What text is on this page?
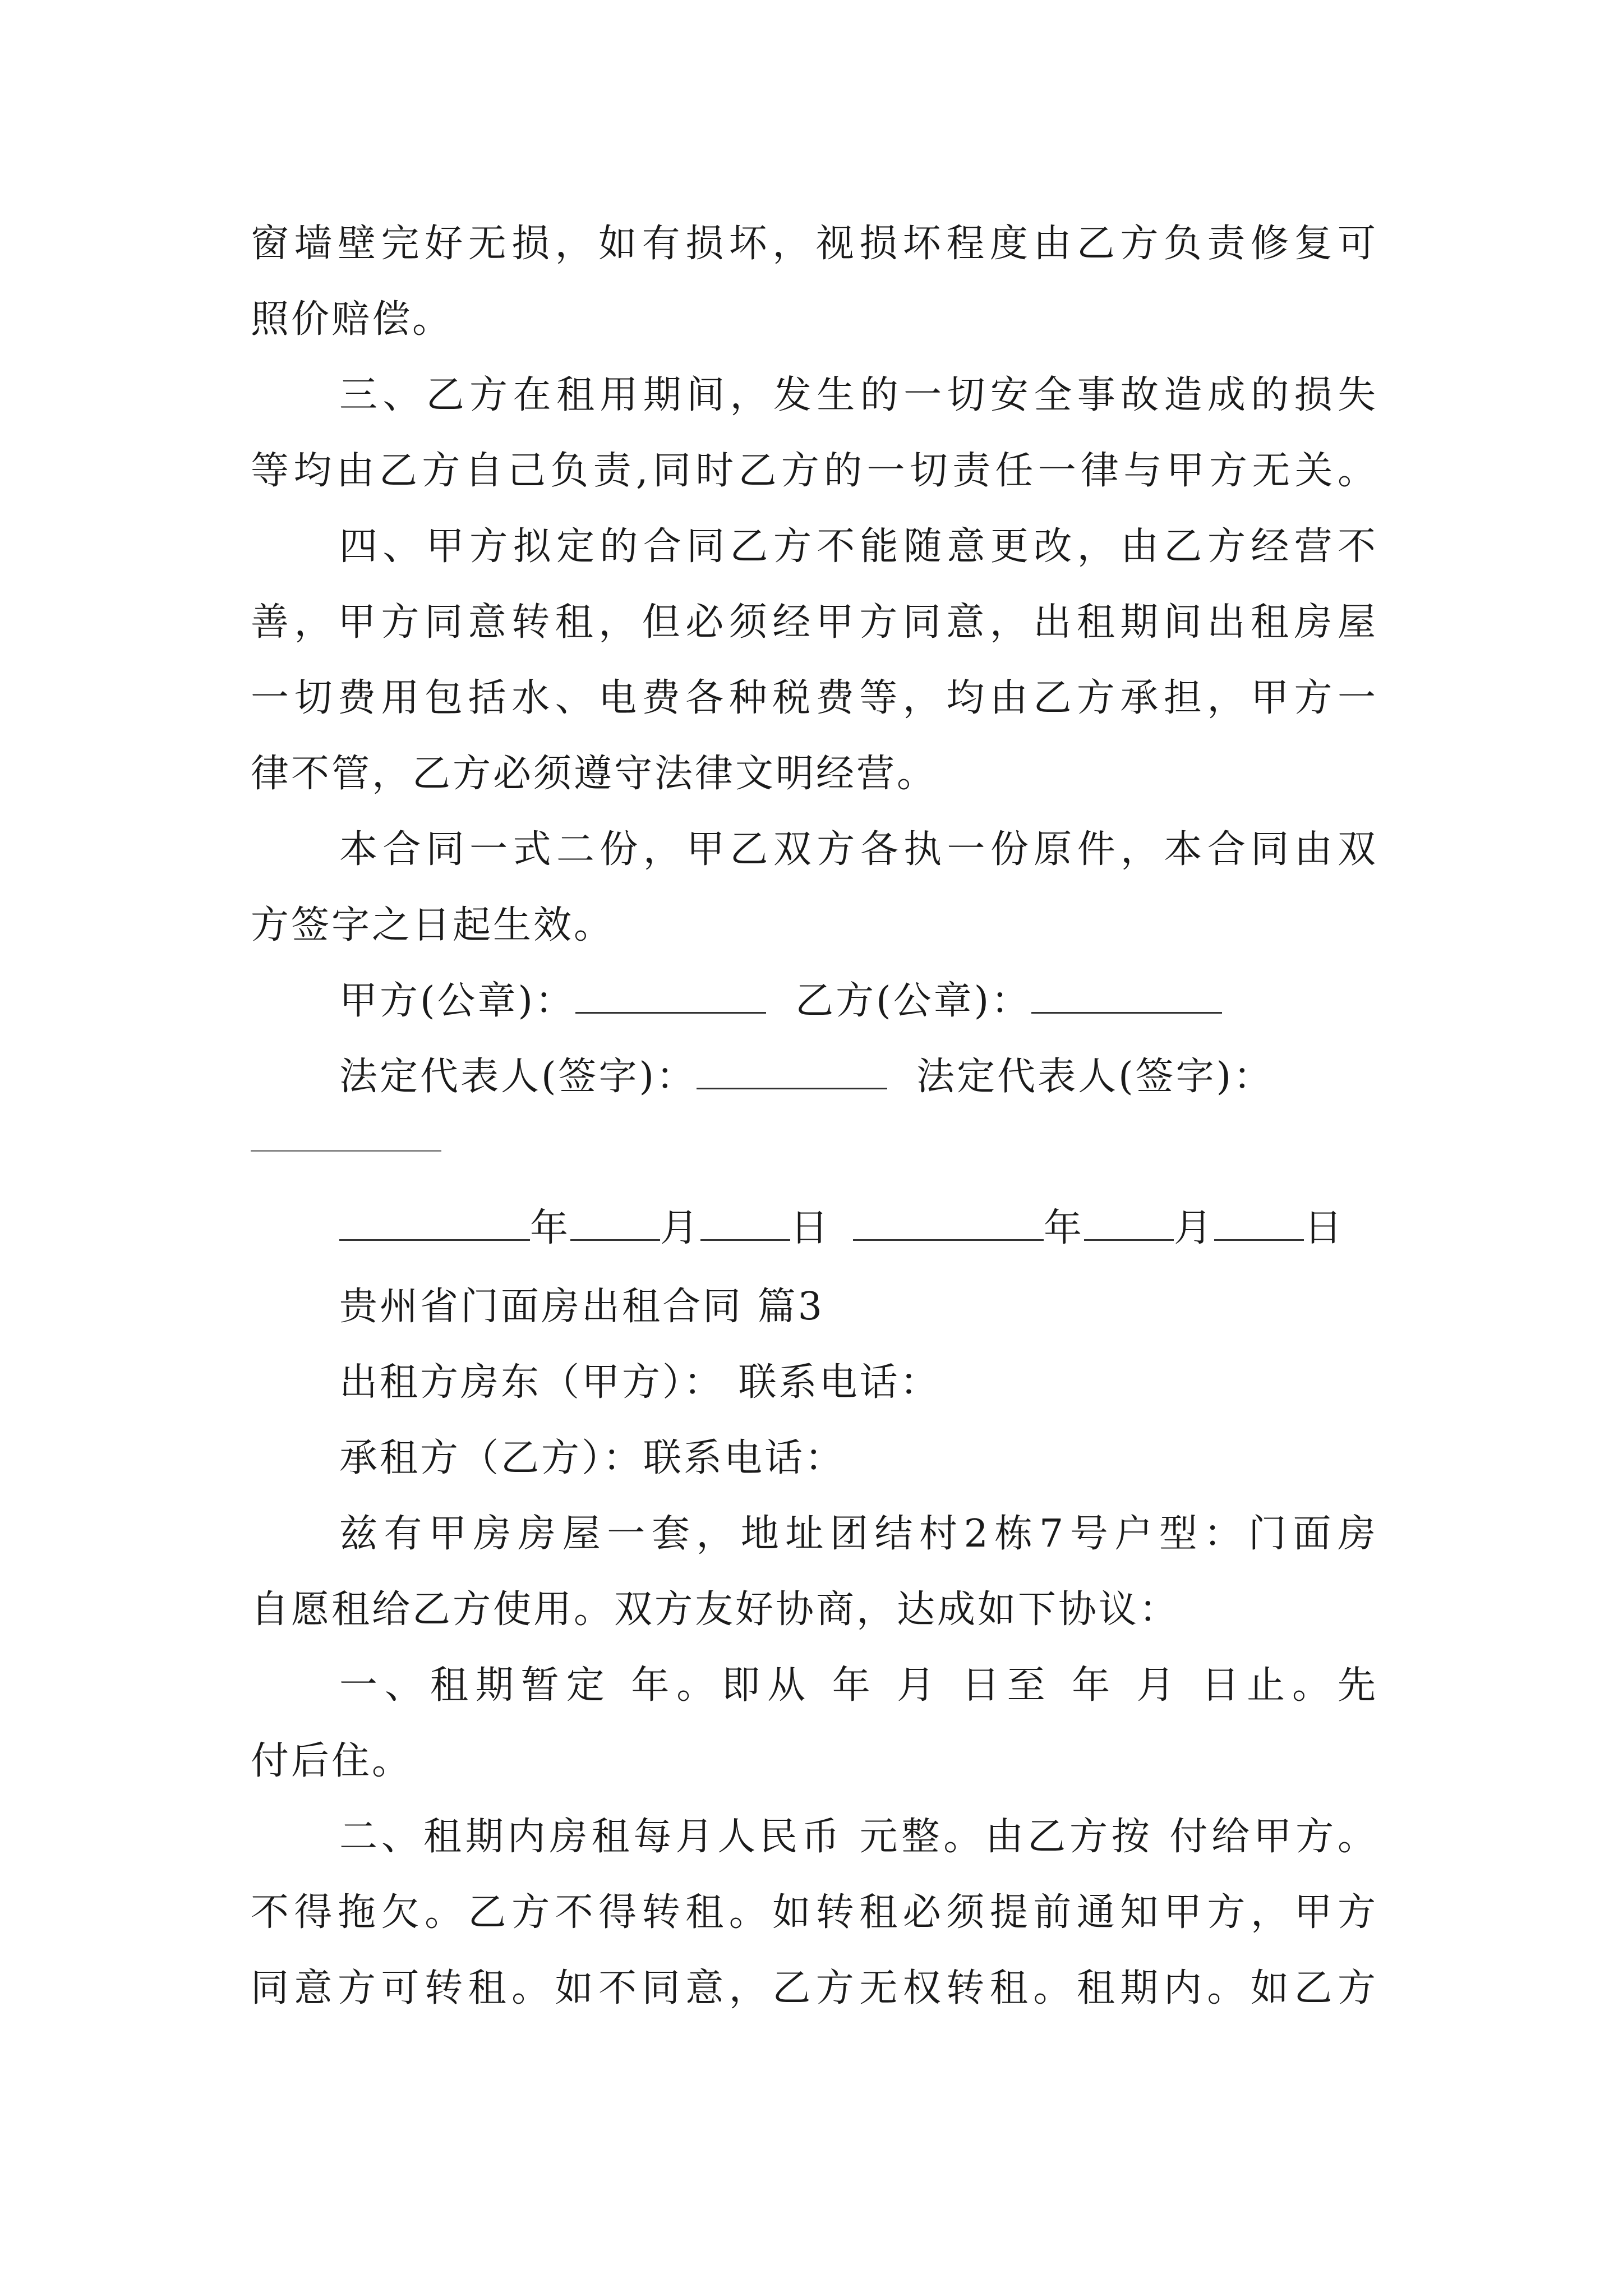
窗墙壁完好无损，如有损坏，视损坏程度由乙方负责修复可
照价赔偿。
三、乙方在租用期间，发生的一切安全事故造成的损失
等均由乙方自己负责,同时乙方的一切责任一律与甲方无关。
四、甲方拟定的合同乙方不能随意更改，由乙方经营不
善，甲方同意转租，但必须经甲方同意，出租期间出租房屋
一切费用包括水、电费各种税费等，均由乙方承担，甲方一
律不管，乙方必须遵守法律文明经营。
本合同一式二份，甲乙双方各执一份原件，本合同由双
方签字之日起生效。
甲方(公章)：	乙方(公章)：
法定代表人(签字)：	法定代表人(签字)：
年 月 日	年 月 日
贵州省门面房出租合同 篇3
出租方房东（甲方）： 联系电话：
承租方（乙方）：联系电话：
兹有甲房房屋一套，地址团结村2栋7号户型：门面房
自愿租给乙方使用。双方友好协商，达成如下协议：
一、租期暂定 年。即从 年 月 日至 年 月 日止。先
付后住。
二、租期内房租每月人民币 元整。由乙方按 付给甲方。
不得拖欠。乙方不得转租。如转租必须提前通知甲方，甲方
同意方可转租。如不同意，乙方无权转租。租期内。如乙方
